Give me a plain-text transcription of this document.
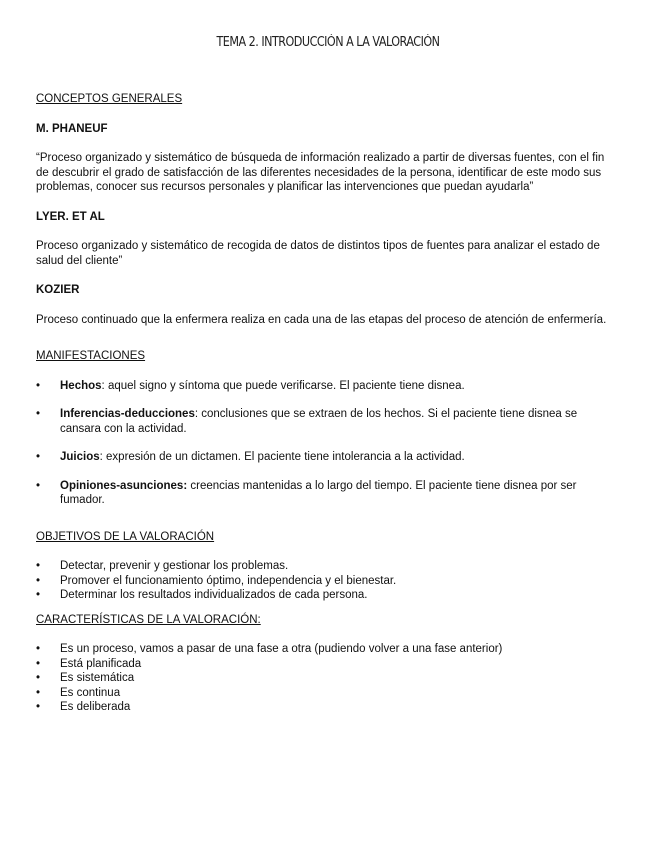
TEMA 2. INTRODUCCIÓN A LA VALORACIÓN

CONCEPTOS GENERALES

M. PHANEUF

“Proceso organizado y sistemático de búsqueda de información realizado a partir de diversas fuentes, con el fin de descubrir el grado de satisfacción de las diferentes necesidades de la persona, identificar de este modo sus problemas, conocer sus recursos personales y planificar las intervenciones que puedan ayudarla”

LYER. ET AL

Proceso organizado y sistemático de recogida de datos de distintos tipos de fuentes para analizar el estado de salud del cliente”

KOZIER

Proceso continuado que la enfermera realiza en cada una de las etapas del proceso de atención de enfermería.

MANIFESTACIONES

• Hechos: aquel signo y síntoma que puede verificarse. El paciente tiene disnea.
• Inferencias-deducciones: conclusiones que se extraen de los hechos. Si el paciente tiene disnea se cansara con la actividad.
• Juicios: expresión de un dictamen. El paciente tiene intolerancia a la actividad.
• Opiniones-asunciones: creencias mantenidas a lo largo del tiempo. El paciente tiene disnea por ser fumador.

OBJETIVOS DE LA VALORACIÓN

• Detectar, prevenir y gestionar los problemas.
• Promover el funcionamiento óptimo, independencia y el bienestar.
• Determinar los resultados individualizados de cada persona.

CARACTERÍSTICAS DE LA VALORACIÓN:

• Es un proceso, vamos a pasar de una fase a otra (pudiendo volver a una fase anterior)
• Está planificada
• Es sistemática
• Es continua
• Es deliberada
